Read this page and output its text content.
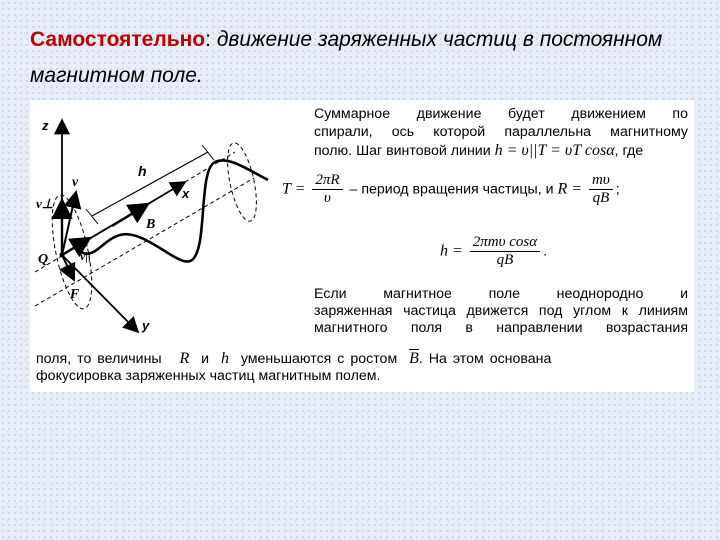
Самостоятельно: движение заряженных частиц в постоянном магнитном поле.
z
v
v⊥
h
x
B
Q	v||
F
y
Суммарное движение будет движением по
спирали, ось которой параллельна магнитному
полю. Шаг винтовой линии h = υ||T = υT cosα, где
$T = \frac{2\pi R}{\upsilon}$ – период вращения частицы, и $R = \frac{m\upsilon}{qB}$ ;
$h = \frac{\text{2πmυ cosα}}{qB}$ .
Если магнитное поле неоднородно и
заряженная частица движется под углом к линиям
магнитного поля в направлении возрастания
поля, то величины R и h уменьшаются с ростом $\overline{B}$. На этом основана
фокусировка заряженных частиц магнитным полем.
